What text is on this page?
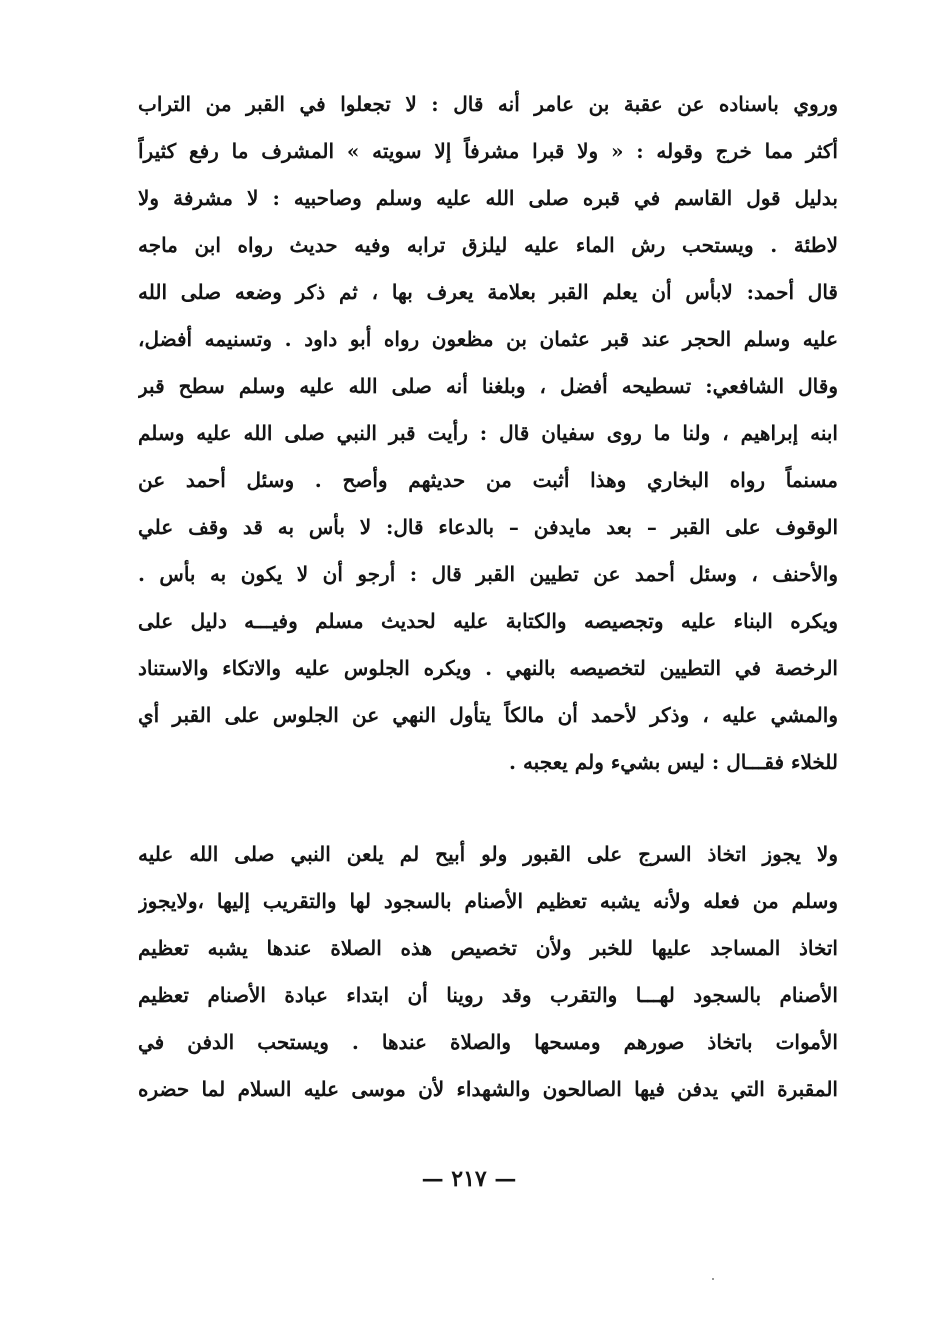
وروي باسناده عن عقبة بن عامر أنه قال : لا تجعلوا في القبر من التراب
أكثر مما خرج وقوله : « ولا قبرا مشرفاً إلا سويته » المشرف ما رفع كثيراً
بدليل قول القاسم في قبره صلى الله عليه وسلم وصاحبيه : لا مشرفة ولا
لاطئة . ويستحب رش الماء عليه ليلزق ترابه وفيه حديث رواه ابن ماجه
قال أحمد: لابأس أن يعلم القبر بعلامة يعرف بها ، ثم ذكر وضعه صلى الله
عليه وسلم الحجر عند قبر عثمان بن مظعون رواه أبو داود . وتسنيمه أفضل،
وقال الشافعي: تسطيحه أفضل ، وبلغنا أنه صلى الله عليه وسلم سطح قبر
ابنه إبراهيم ، ولنا ما روى سفيان قال : رأيت قبر النبي صلى الله عليه وسلم
مسنماً رواه البخاري وهذا أثبت من حديثهم وأصح . وسئل أحمد عن
الوقوف على القبر – بعد مايدفن – بالدعاء قال: لا بأس به قد وقف علي
والأحنف ، وسئل أحمد عن تطيين القبر قال : أرجو أن لا يكون به بأس .
ويكره البناء عليه وتجصيصه والكتابة عليه لحديث مسلم وفيـــه دليل على
الرخصة في التطيين لتخصيصه بالنهي . ويكره الجلوس عليه والاتكاء والاستناد
والمشي عليه ، وذكر لأحمد أن مالكاً يتأول النهي عن الجلوس على القبر أي
للخلاء فقـــال : ليس بشيء ولم يعجبه .
ولا يجوز اتخاذ السرج على القبور ولو أبيح لم يلعن النبي صلى الله عليه
وسلم من فعله ولأنه يشبه تعظيم الأصنام بالسجود لها والتقريب إليها ،ولايجوز
اتخاذ المساجد عليها للخبر ولأن تخصيص هذه الصلاة عندها يشبه تعظيم
الأصنام بالسجود لهـــا والتقرب وقد روينا أن ابتداء عبادة الأصنام تعظيم
الأموات باتخاذ صورهم ومسحها والصلاة عندها . ويستحب الدفن في
المقبرة التي يدفن فيها الصالحون والشهداء لأن موسى عليه السلام لما حضره
— ٢١٧ —
